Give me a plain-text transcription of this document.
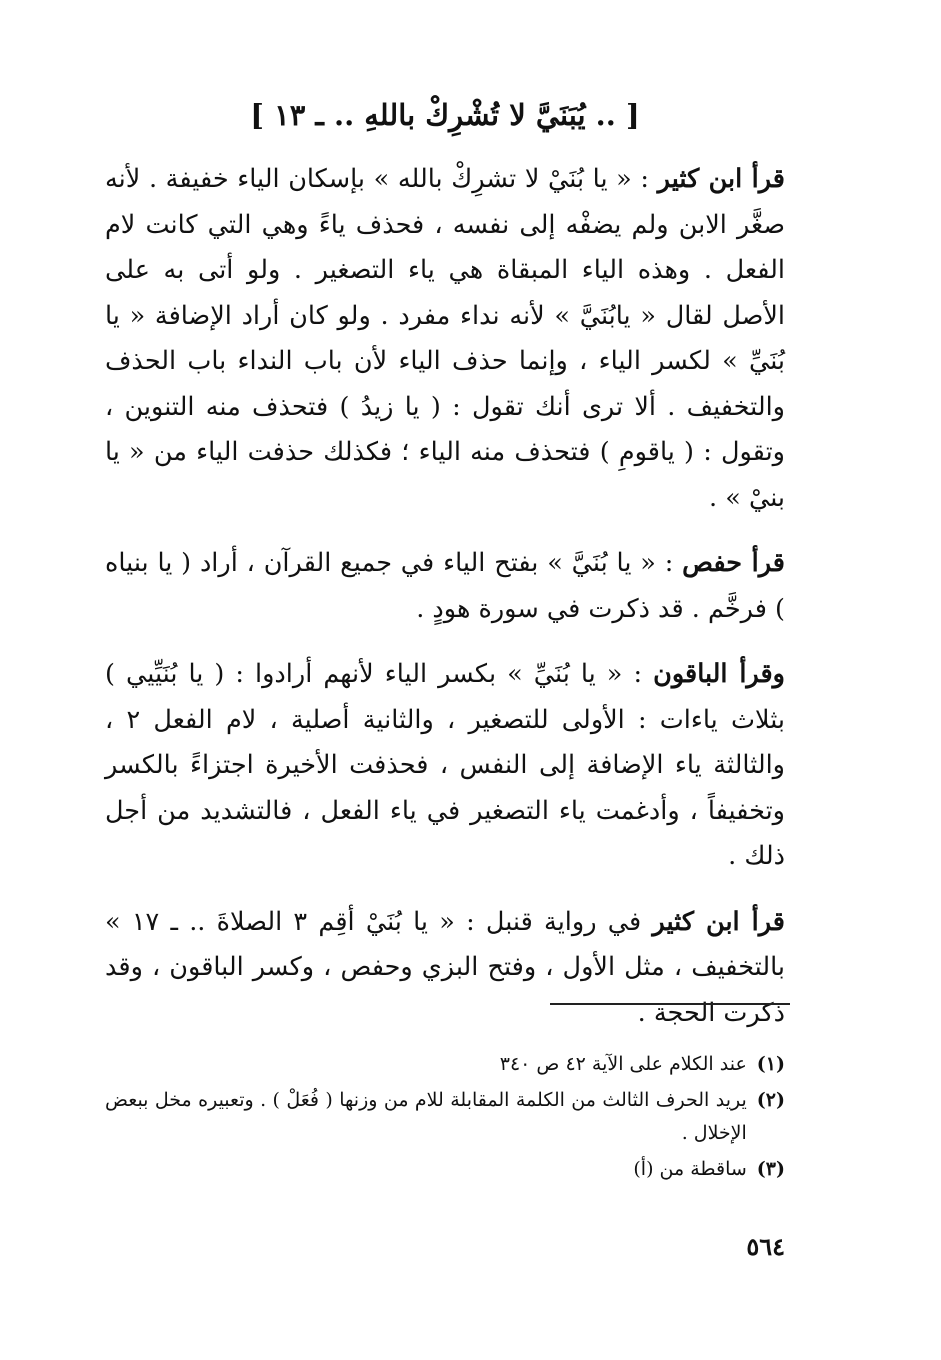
[ .. يُبَنَيَّ لا تُشْرِكْ باللهِ .. ـ ١٣ ]

قرأ ابن كثير : « يا بُنَيْ لا تشرِكْ بالله » بإسكان الياء خفيفة . لأنه صغَّر الابن ولم يضفْه إلى نفسه ، فحذف ياءً وهي التي كانت لام الفعل . وهذه الياء المبقاة هي ياء التصغير . ولو أتى به على الأصل لقال « يابُنَيَّ » لأنه نداء مفرد . ولو كان أراد الإضافة « يا بُنَيِّ » لكسر الياء ، وإنما حذف الياء لأن باب النداء باب الحذف والتخفيف . ألا ترى أنك تقول : ( يا زيدُ ) فتحذف منه التنوين ، وتقول : ( ياقومِ ) فتحذف منه الياء ؛ فكذلك حذفت الياء من « يا بنيْ » .

قرأ حفص : « يا بُنَيَّ » بفتح الياء في جميع القرآن ، أراد ( يا بنياه ) فرخَّم . قد ذكرت في سورة هودٍ .

وقرأ الباقون : « يا بُنَيِّ » بكسر الياء لأنهم أرادوا : ( يا بُنَيِّيي ) بثلاث ياءات : الأولى للتصغير ، والثانية أصلية ، لام الفعل ٢ ، والثالثة ياء الإضافة إلى النفس ، فحذفت الأخيرة اجتزاءً بالكسر وتخفيفاً ، وأدغمت ياء التصغير في ياء الفعل ، فالتشديد من أجل ذلك .

قرأ ابن كثير في رواية قنبل : « يا بُنَيْ أقِم ٣ الصلاةَ .. ـ ١٧ » بالتخفيف ، مثل الأول ، وفتح البزي وحفص ، وكسر الباقون ، وقد ذكرت الحجة .

(١)
عند الكلام على الآية ٤٢ ص ٣٤٠
(٢)
يريد الحرف الثالث من الكلمة المقابلة للام من وزنها ( فُعَلْ ) . وتعبيره مخل ببعض الإخلال .
(٣)
ساقطة من (أ)
٥٦٤
